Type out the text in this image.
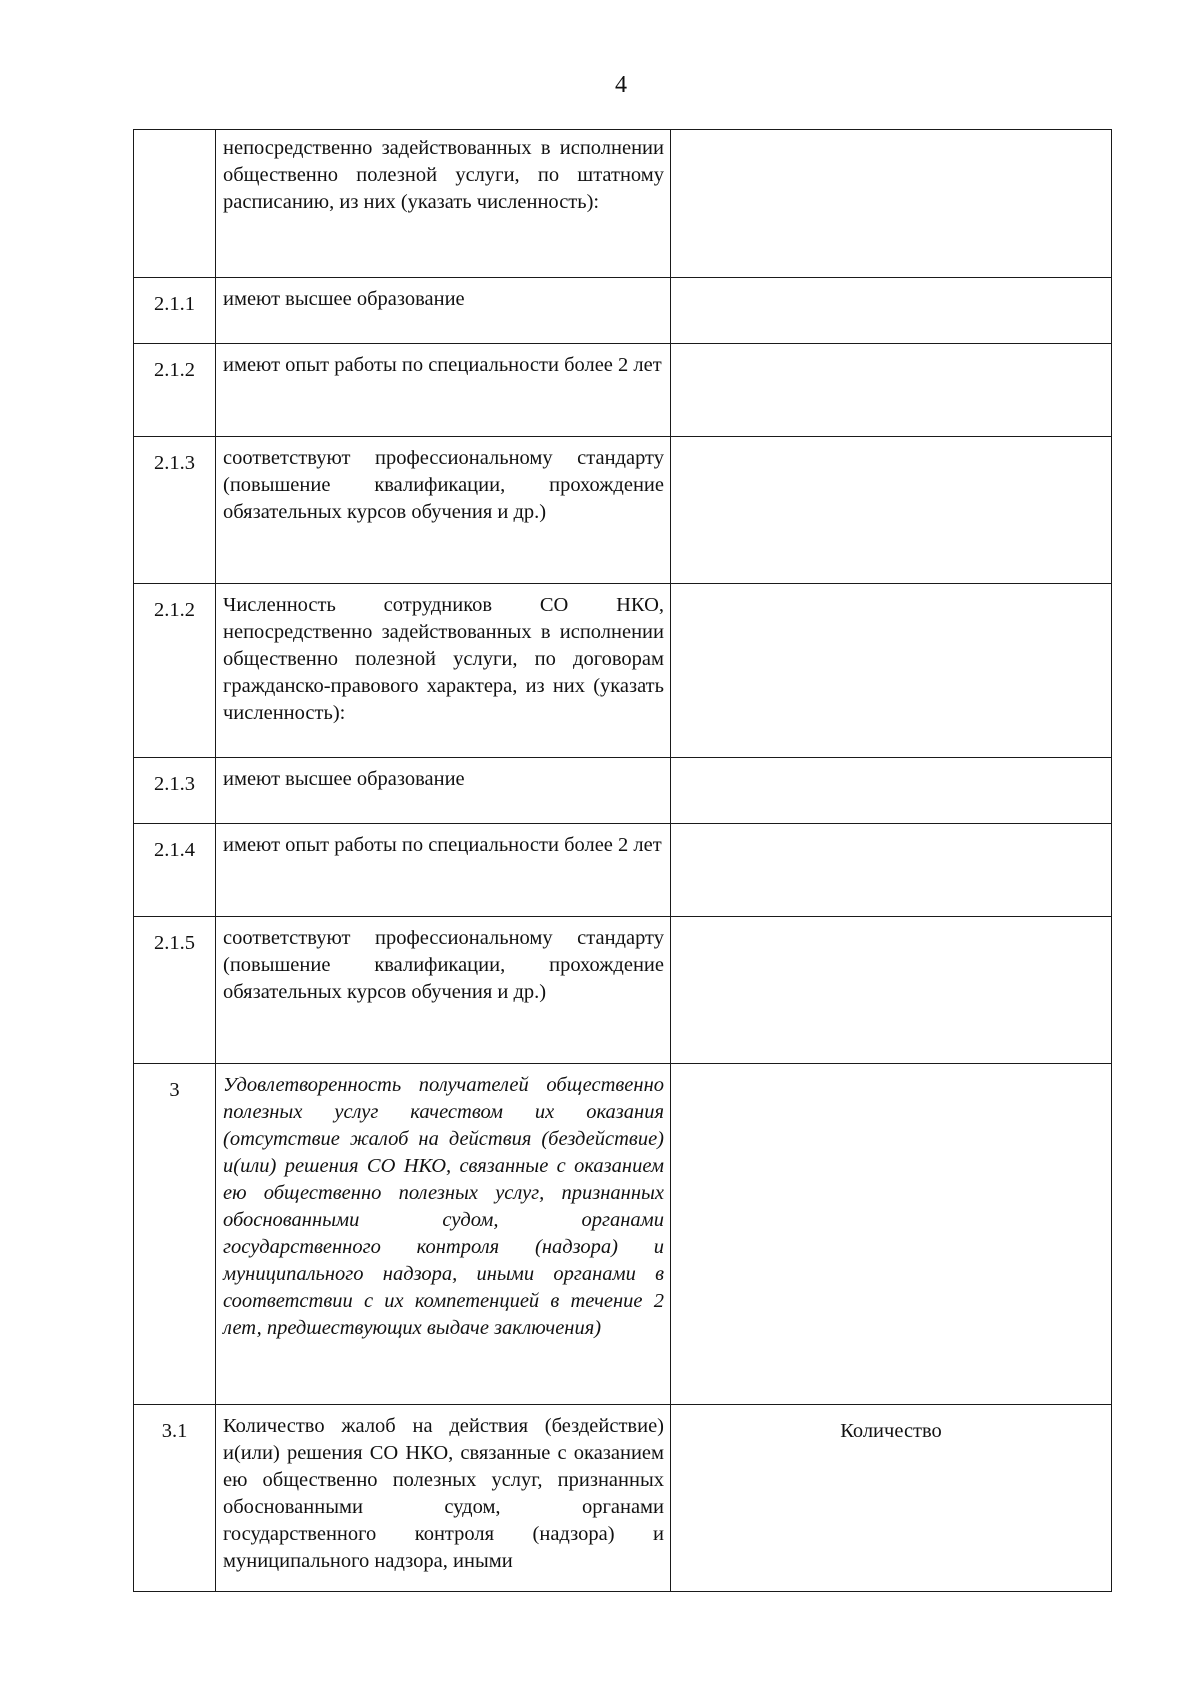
4

	непосредственно задействованных в исполнении общественно полезной услуги, по штатному расписанию, из них (указать численность):	

2.1.1	имеют высшее образование	

2.1.2	имеют опыт работы по специальности более 2 лет	

2.1.3	соответствуют профессиональному стандарту (повышение квалификации, прохождение обязательных курсов обучения и др.)	

2.1.2	Численность сотрудников СО НКО, непосредственно задействованных в исполнении общественно полезной услуги, по договорам гражданско-правового характера, из них (указать численность):	

2.1.3	имеют высшее образование	

2.1.4	имеют опыт работы по специальности более 2 лет	

2.1.5	соответствуют профессиональному стандарту (повышение квалификации, прохождение обязательных курсов обучения и др.)	

3	Удовлетворенность получателей общественно полезных услуг качеством их оказания (отсутствие жалоб на действия (бездействие) и(или) решения СО НКО, связанные с оказанием ею общественно полезных услуг, признанных обоснованными судом, органами государственного контроля (надзора) и муниципального надзора, иными органами в соответствии с их компетенцией в течение 2 лет, предшествующих выдаче заключения)	

3.1	Количество жалоб на действия (бездействие) и(или) решения СО НКО, связанные с оказанием ею общественно полезных услуг, признанных обоснованными судом, органами государственного контроля (надзора) и муниципального надзора, иными	Количество
